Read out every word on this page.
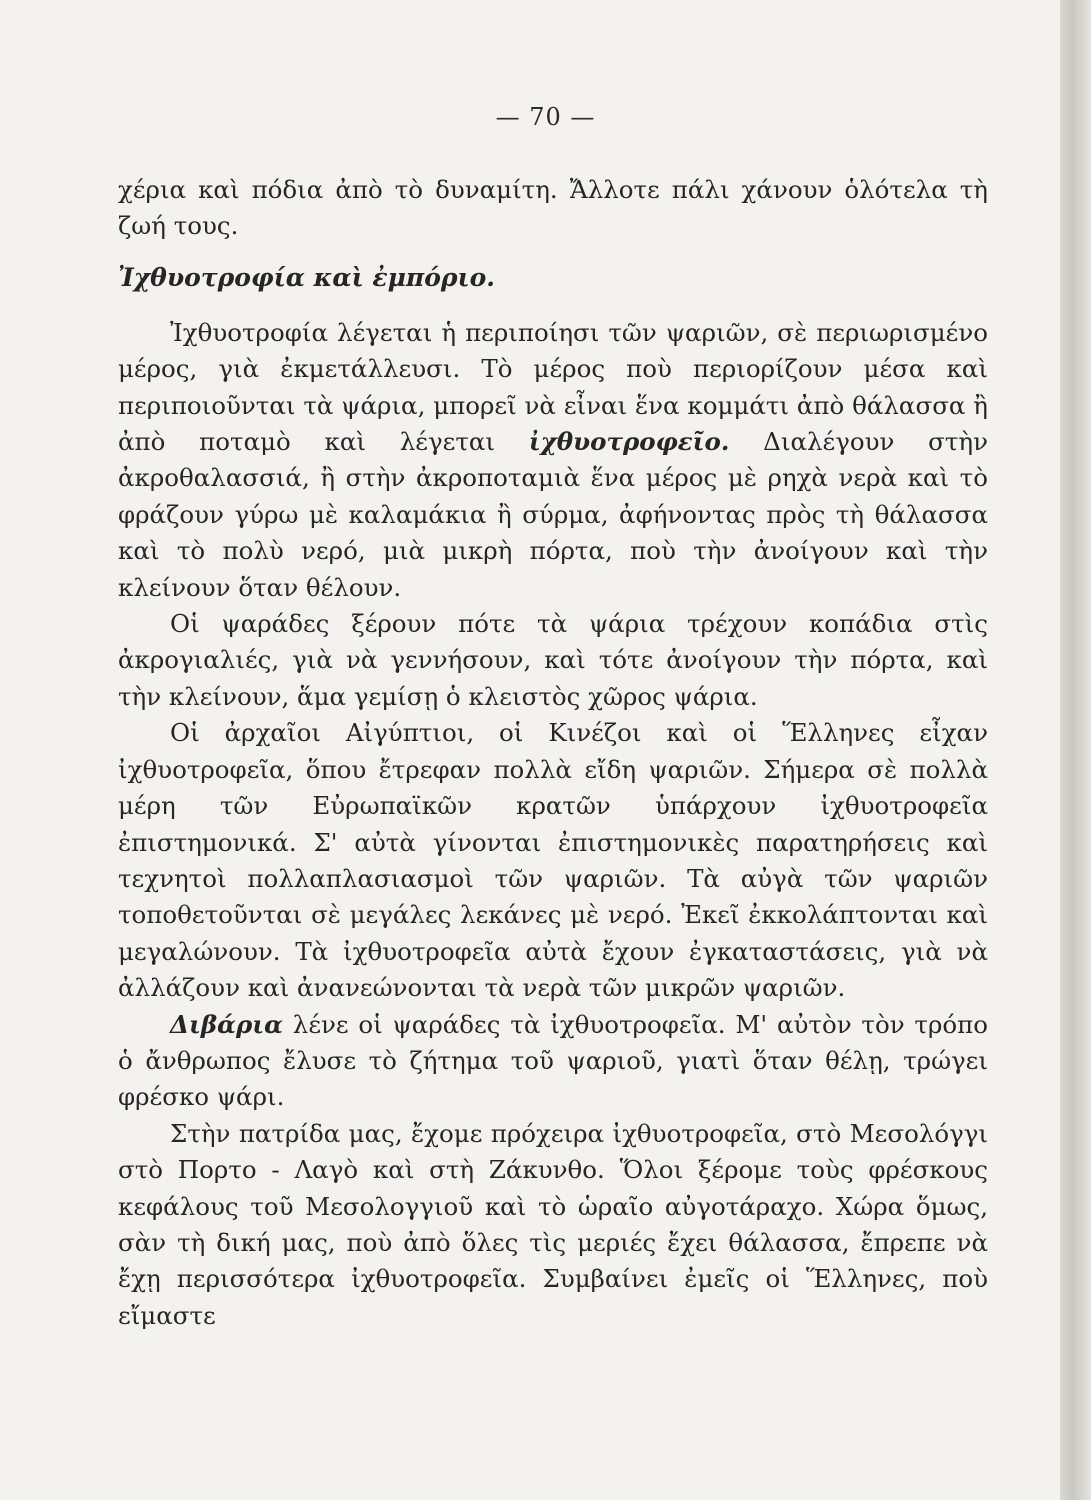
— 70 —

χέρια καὶ πόδια ἀπὸ τὸ δυναμίτη. Ἄλλοτε πάλι χάνουν ὁλότελα τὴ ζωή τους.

Ἰχθυοτροφία καὶ ἐμπόριο.

Ἰχθυοτροφία λέγεται ἡ περιποίησι τῶν ψαριῶν, σὲ περιωρισμένο μέρος, γιὰ ἐκμετάλλευσι. Τὸ μέρος ποὺ περιορίζουν μέσα καὶ περιποιοῦνται τὰ ψάρια, μπορεῖ νὰ εἶναι ἕνα κομμάτι ἀπὸ θάλασσα ἢ ἀπὸ ποταμὸ καὶ λέγεται ἰχθυοτροφεῖο. Διαλέγουν στὴν ἀκροθαλασσιά, ἢ στὴν ἀκροποταμιὰ ἕνα μέρος μὲ ρηχὰ νερὰ καὶ τὸ φράζουν γύρω μὲ καλαμάκια ἢ σύρμα, ἀφήνοντας πρὸς τὴ θάλασσα καὶ τὸ πολὺ νερό, μιὰ μικρὴ πόρτα, ποὺ τὴν ἀνοίγουν καὶ τὴν κλείνουν ὅταν θέλουν.

Οἱ ψαράδες ξέρουν πότε τὰ ψάρια τρέχουν κοπάδια στὶς ἀκρογιαλιές, γιὰ νὰ γεννήσουν, καὶ τότε ἀνοίγουν τὴν πόρτα, καὶ τὴν κλείνουν, ἅμα γεμίσῃ ὁ κλειστὸς χῶρος ψάρια.

Οἱ ἀρχαῖοι Αἰγύπτιοι, οἱ Κινέζοι καὶ οἱ Ἕλληνες εἶχαν ἰχθυοτροφεῖα, ὅπου ἔτρεφαν πολλὰ εἴδη ψαριῶν. Σήμερα σὲ πολλὰ μέρη τῶν Εὐρωπαϊκῶν κρατῶν ὑπάρχουν ἰχθυοτροφεῖα ἐπιστημονικά. Σ' αὐτὰ γίνονται ἐπιστημονικὲς παρατηρήσεις καὶ τεχνητοὶ πολλαπλασιασμοὶ τῶν ψαριῶν. Τὰ αὐγὰ τῶν ψαριῶν τοποθετοῦνται σὲ μεγάλες λεκάνες μὲ νερό. Ἐκεῖ ἐκκολάπτονται καὶ μεγαλώνουν. Τὰ ἰχθυοτροφεῖα αὐτὰ ἔχουν ἐγκαταστάσεις, γιὰ νὰ ἀλλάζουν καὶ ἀνανεώνονται τὰ νερὰ τῶν μικρῶν ψαριῶν.

Διβάρια λένε οἱ ψαράδες τὰ ἰχθυοτροφεῖα. Μ' αὐτὸν τὸν τρόπο ὁ ἄνθρωπος ἔλυσε τὸ ζήτημα τοῦ ψαριοῦ, γιατὶ ὅταν θέλῃ, τρώγει φρέσκο ψάρι.

Στὴν πατρίδα μας, ἔχομε πρόχειρα ἰχθυοτροφεῖα, στὸ Μεσολόγγι στὸ Πορτο - Λαγὸ καὶ στὴ Ζάκυνθο. Ὅλοι ξέρομε τοὺς φρέσκους κεφάλους τοῦ Μεσολογγιοῦ καὶ τὸ ὡραῖο αὐγοτάραχο. Χώρα ὅμως, σὰν τὴ δική μας, ποὺ ἀπὸ ὅλες τὶς μεριές ἔχει θάλασσα, ἔπρεπε νὰ ἔχῃ περισσότερα ἰχθυοτροφεῖα. Συμβαίνει ἐμεῖς οἱ Ἕλληνες, ποὺ εἴμαστε
